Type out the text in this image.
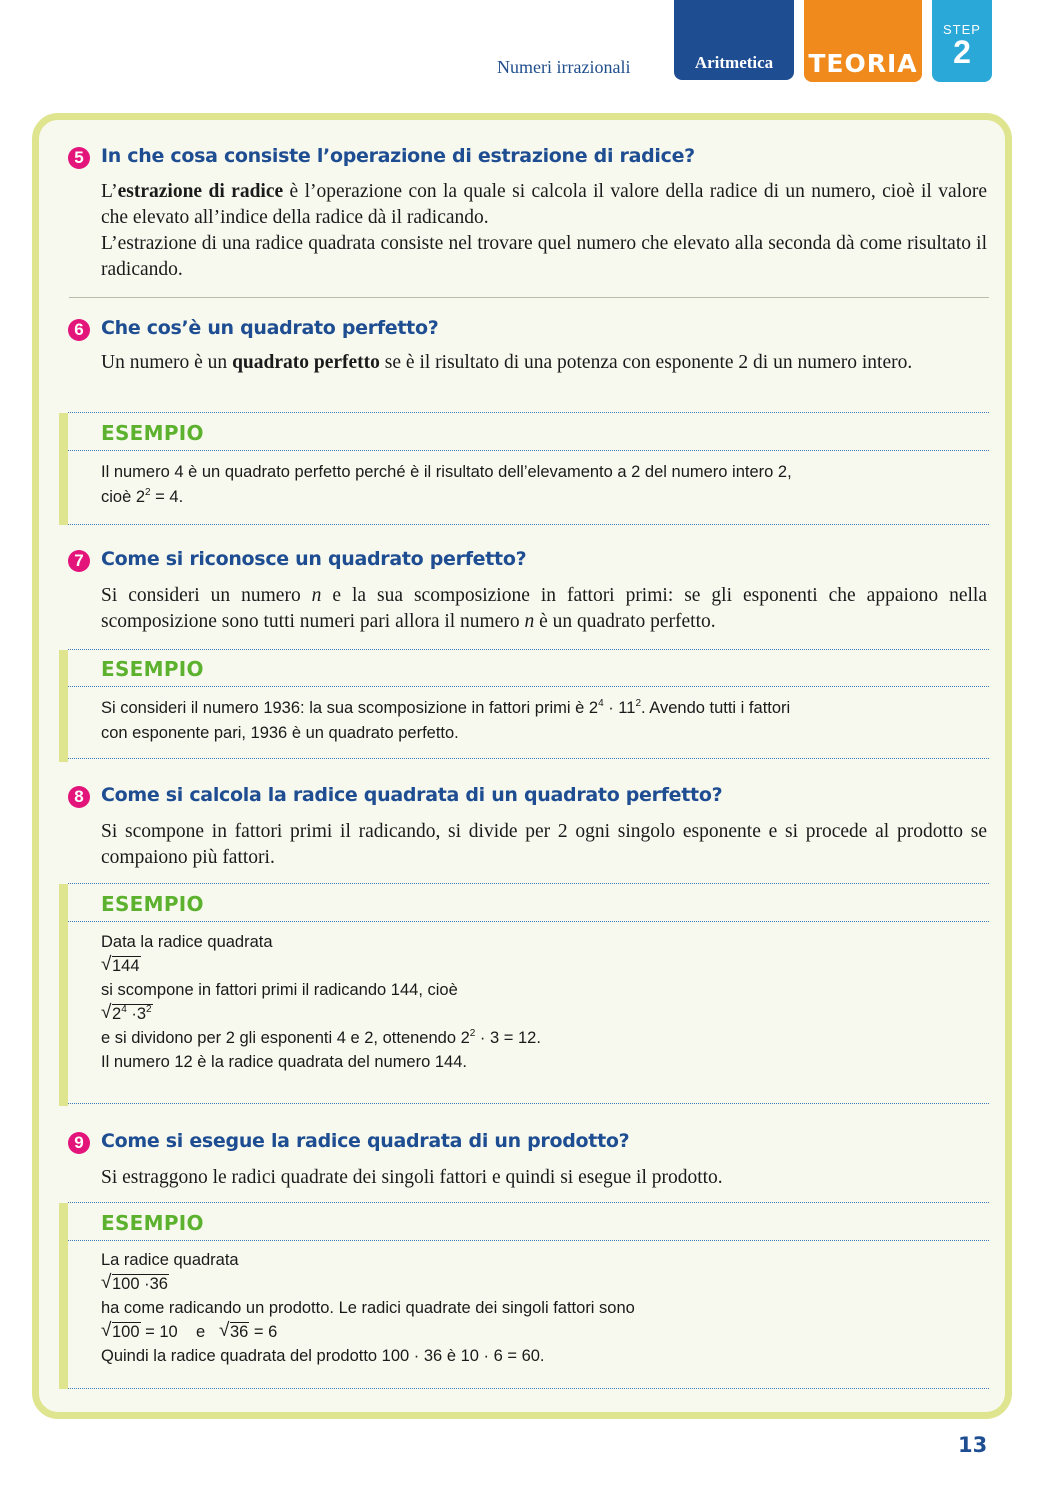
Numeri irrazionali	Aritmetica	TEORIA
STEP
2
5 In che cosa consiste l’operazione di estrazione di radice?
L’estrazione di radice è l’operazione con la quale si calcola il valore della radice di un numero, cioè il valore che elevato all’indice della radice dà il radicando.
L’estrazione di una radice quadrata consiste nel trovare quel numero che elevato alla seconda dà come risultato il radicando.
6 Che cos’è un quadrato perfetto?
Un numero è un quadrato perfetto se è il risultato di una potenza con esponente 2 di un numero intero.
ESEMPIO
Il numero 4 è un quadrato perfetto perché è il risultato dell’elevamento a 2 del numero intero 2,
cioè $2^2 = 4$.
7 Come si riconosce un quadrato perfetto?
Si consideri un numero n e la sua scomposizione in fattori primi: se gli esponenti che appaiono nella scomposizione sono tutti numeri pari allora il numero n è un quadrato perfetto.
ESEMPIO
Si consideri il numero 1936: la sua scomposizione in fattori primi è $2^4 \cdot 11^2$. Avendo tutti i fattori
con esponente pari, 1936 è un quadrato perfetto.
8 Come si calcola la radice quadrata di un quadrato perfetto?
Si scompone in fattori primi il radicando, si divide per 2 ogni singolo esponente e si procede al prodotto se compaiono più fattori.
ESEMPIO
Data la radice quadrata
√ 144
si scompone in fattori primi il radicando 144, cioè
√ $2^4 \cdot 3^2$
e si dividono per 2 gli esponenti 4 e 2, ottenendo $2^2 \cdot 3 = 12$.
Il numero 12 è la radice quadrata del numero 144.
9 Come si esegue la radice quadrata di un prodotto?
Si estraggono le radici quadrate dei singoli fattori e quindi si esegue il prodotto.
ESEMPIO
La radice quadrata
√ 100 ·36
ha come radicando un prodotto. Le radici quadrate dei singoli fattori sono
√ 100 = 10    e √ 36 = 6
Quindi la radice quadrata del prodotto 100 · 36 è 10 · 6 = 60.
13
